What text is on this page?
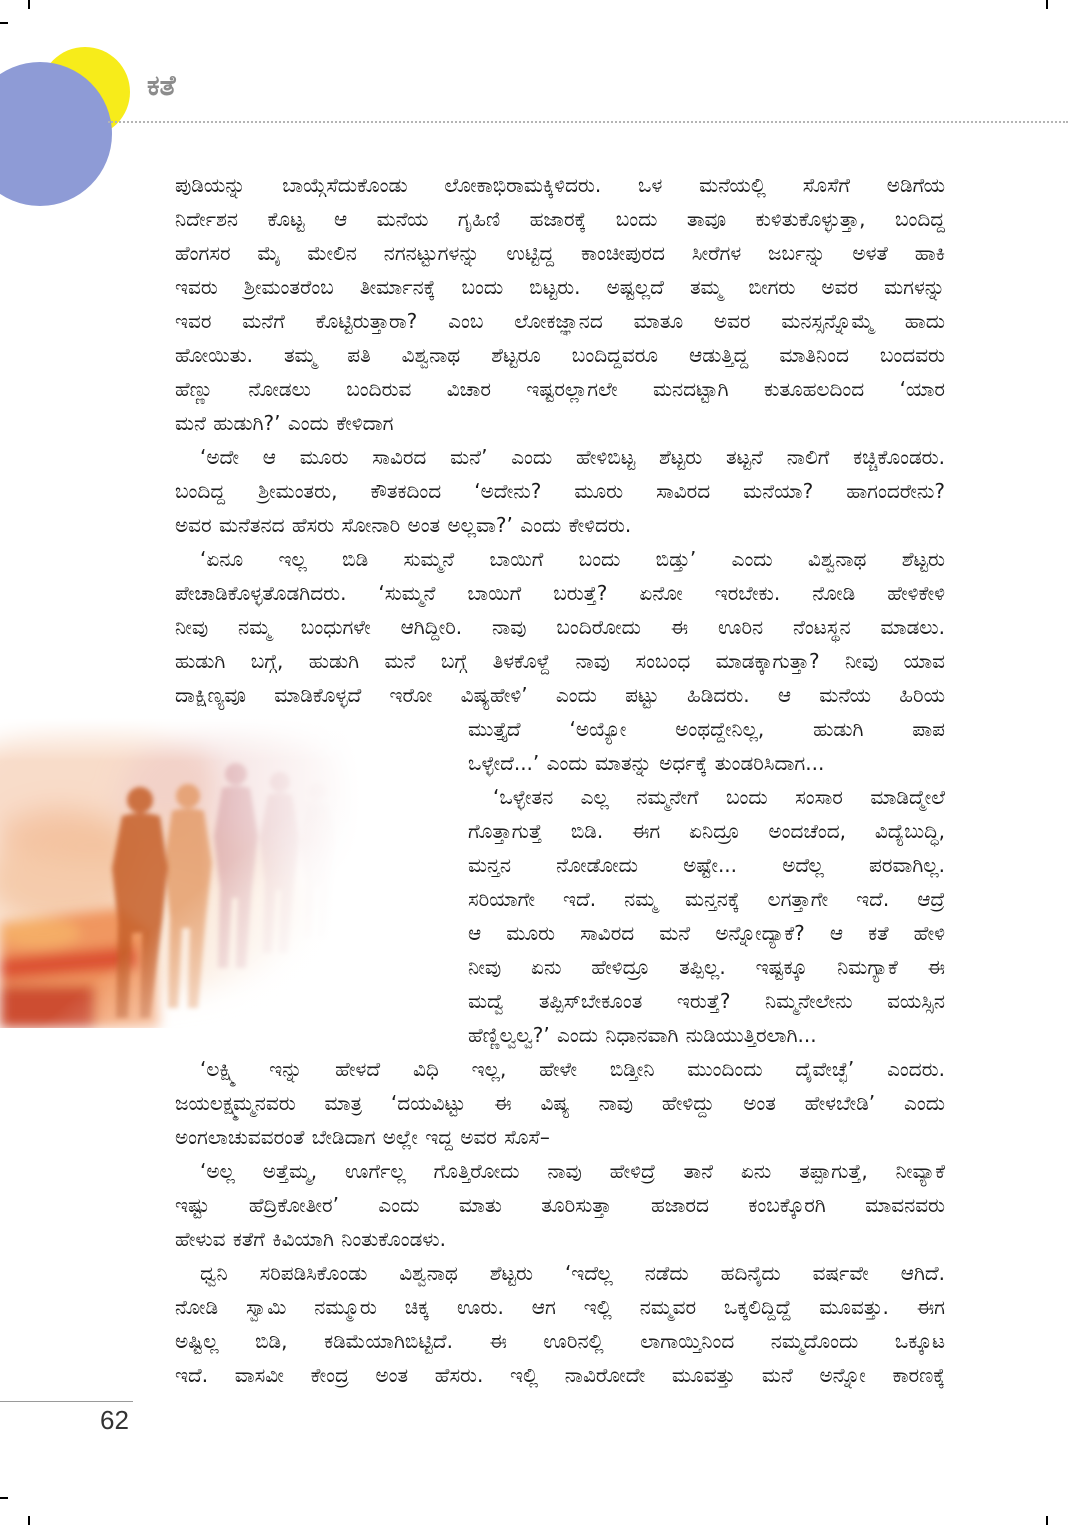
ಕತೆ
ಪುಡಿಯನ್ನು ಬಾಯ್ಗೆಸೆದುಕೊಂಡು ಲೋಕಾಭಿರಾಮಕ್ಕಿಳಿದರು. ಒಳ ಮನೆಯಲ್ಲಿ ಸೊಸೆಗೆ ಅಡಿಗೆಯ
ನಿರ್ದೇಶನ ಕೊಟ್ಟ ಆ ಮನೆಯ ಗೃಹಿಣಿ ಹಜಾರಕ್ಕೆ ಬಂದು ತಾವೂ ಕುಳಿತುಕೊಳ್ಳುತ್ತಾ, ಬಂದಿದ್ದ
ಹೆಂಗಸರ ಮೈ ಮೇಲಿನ ನಗನಟ್ಟುಗಳನ್ನು ಉಟ್ಟಿದ್ದ ಕಾಂಚೀಪುರದ ಸೀರೆಗಳ ಜರ್ಬನ್ನು ಅಳತೆ ಹಾಕಿ
ಇವರು ಶ್ರೀಮಂತರೆಂಬ ತೀರ್ಮಾನಕ್ಕೆ ಬಂದು ಬಿಟ್ಟರು. ಅಷ್ಟಲ್ಲದೆ ತಮ್ಮ ಬೀಗರು ಅವರ ಮಗಳನ್ನು
ಇವರ ಮನೆಗೆ ಕೊಟ್ಟಿರುತ್ತಾರಾ? ಎಂಬ ಲೋಕಜ್ಞಾನದ ಮಾತೂ ಅವರ ಮನಸ್ಸನ್ನೊಮ್ಮೆ ಹಾದು
ಹೋಯಿತು. ತಮ್ಮ ಪತಿ ವಿಶ್ವನಾಥ ಶೆಟ್ಟರೂ ಬಂದಿದ್ದವರೂ ಆಡುತ್ತಿದ್ದ ಮಾತಿನಿಂದ ಬಂದವರು
ಹೆಣ್ಣು ನೋಡಲು ಬಂದಿರುವ ವಿಚಾರ ಇಷ್ಟರಲ್ಲಾಗಲೇ ಮನದಟ್ಟಾಗಿ ಕುತೂಹಲದಿಂದ ‘ಯಾರ
ಮನೆ ಹುಡುಗಿ?’ ಎಂದು ಕೇಳಿದಾಗ
‘ಅದೇ ಆ ಮೂರು ಸಾವಿರದ ಮನೆ’ ಎಂದು ಹೇಳಿಬಿಟ್ಟ ಶೆಟ್ಟರು ತಟ್ಟನೆ ನಾಲಿಗೆ ಕಚ್ಚಿಕೊಂಡರು.
ಬಂದಿದ್ದ ಶ್ರೀಮಂತರು, ಕೌತಕದಿಂದ ‘ಅದೇನು? ಮೂರು ಸಾವಿರದ ಮನೆಯಾ? ಹಾಗಂದರೇನು?
ಅವರ ಮನೆತನದ ಹೆಸರು ಸೋನಾರಿ ಅಂತ ಅಲ್ಲವಾ?’ ಎಂದು ಕೇಳಿದರು.
‘ಏನೂ ಇಲ್ಲ ಬಿಡಿ ಸುಮ್ಮನೆ ಬಾಯಿಗೆ ಬಂದು ಬಿಡ್ತು’ ಎಂದು ವಿಶ್ವನಾಥ ಶೆಟ್ಟರು
ಪೇಚಾಡಿಕೊಳ್ಳತೊಡಗಿದರು. ‘ಸುಮ್ಮನೆ ಬಾಯಿಗೆ ಬರುತ್ತೆ? ಏನೋ ಇರಬೇಕು. ನೋಡಿ ಹೇಳಿಕೇಳಿ
ನೀವು ನಮ್ಮ ಬಂಧುಗಳೇ ಆಗಿದ್ದೀರಿ. ನಾವು ಬಂದಿರೋದು ಈ ಊರಿನ ನೆಂಟಸ್ಥನ ಮಾಡಲು.
ಹುಡುಗಿ ಬಗ್ಗೆ, ಹುಡುಗಿ ಮನೆ ಬಗ್ಗೆ ತಿಳಕೊಳ್ದೆ ನಾವು ಸಂಬಂಧ ಮಾಡಕ್ಕಾಗುತ್ತಾ? ನೀವು ಯಾವ
ದಾಕ್ಷಿಣ್ಯವೂ ಮಾಡಿಕೊಳ್ಳದೆ ಇರೋ ವಿಷ್ಯಹೇಳಿ’ ಎಂದು ಪಟ್ಟು ಹಿಡಿದರು. ಆ ಮನೆಯ ಹಿರಿಯ
ಮುತ್ತೈದೆ ‘ಅಯ್ಯೋ ಅಂಥದ್ದೇನಿಲ್ಲ, ಹುಡುಗಿ ಪಾಪ
ಒಳ್ಳೇದೆ...’ ಎಂದು ಮಾತನ್ನು ಅರ್ಧಕ್ಕೆ ತುಂಡರಿಸಿದಾಗ...
‘ಒಳ್ಳೇತನ ಎಲ್ಲ ನಮ್ಮನೇಗೆ ಬಂದು ಸಂಸಾರ ಮಾಡಿದ್ಮೇಲೆ
ಗೊತ್ತಾಗುತ್ತೆ ಬಿಡಿ. ಈಗ ಏನಿದ್ರೂ ಅಂದಚೆಂದ, ವಿದ್ಯೆಬುದ್ಧಿ,
ಮನ್ತನ ನೋಡೋದು ಅಷ್ಟೇ... ಅದೆಲ್ಲ ಪರವಾಗಿಲ್ಲ.
ಸರಿಯಾಗೇ ಇದೆ. ನಮ್ಮ ಮನ್ತನಕ್ಕೆ ಲಗತ್ತಾಗೇ ಇದೆ. ಆದ್ರೆ
ಆ ಮೂರು ಸಾವಿರದ ಮನೆ ಅನ್ನೋದ್ಯಾಕೆ? ಆ ಕತೆ ಹೇಳಿ
ನೀವು ಏನು ಹೇಳಿದ್ರೂ ತಪ್ಪಿಲ್ಲ. ಇಷ್ಟಕ್ಕೂ ನಿಮಗ್ಯಾಕೆ ಈ
ಮದ್ವೆ ತಪ್ಪಿಸ್‌ಬೇಕೂಂತ ಇರುತ್ತೆ? ನಿಮ್ಮನೇಲೇನು ವಯಸ್ಸಿನ
ಹೆಣ್ಣಿಲ್ವಲ್ವ?’ ಎಂದು ನಿಧಾನವಾಗಿ ನುಡಿಯುತ್ತಿರಲಾಗಿ...
‘ಲಕ್ಷ್ಮಿ ಇನ್ನು ಹೇಳದೆ ವಿಧಿ ಇಲ್ಲ, ಹೇಳೇ ಬಿಡ್ತೀನಿ ಮುಂದಿಂದು ದೈವೇಚ್ಛೆ’ ಎಂದರು.
ಜಯಲಕ್ಷ್ಮಮ್ಮನವರು ಮಾತ್ರ ‘ದಯವಿಟ್ಟು ಈ ವಿಷ್ಯ ನಾವು ಹೇಳಿದ್ದು ಅಂತ ಹೇಳಬೇಡಿ’ ಎಂದು
ಅಂಗಲಾಚುವವರಂತೆ ಬೇಡಿದಾಗ ಅಲ್ಲೇ ಇದ್ದ ಅವರ ಸೊಸೆ–
‘ಅಲ್ಲ ಅತ್ತೆಮ್ಮ, ಊರ್ಗೆಲ್ಲ ಗೊತ್ತಿರೋದು ನಾವು ಹೇಳಿದ್ರೆ ತಾನೆ ಏನು ತಪ್ಪಾಗುತ್ತೆ, ನೀವ್ಯಾಕೆ
ಇಷ್ಟು ಹೆದ್ರಿಕೋತೀರ’ ಎಂದು ಮಾತು ತೂರಿಸುತ್ತಾ ಹಜಾರದ ಕಂಬಕ್ಕೊರಗಿ ಮಾವನವರು
ಹೇಳುವ ಕತೆಗೆ ಕಿವಿಯಾಗಿ ನಿಂತುಕೊಂಡಳು.
ಧ್ವನಿ ಸರಿಪಡಿಸಿಕೊಂಡು ವಿಶ್ವನಾಥ ಶೆಟ್ಟರು ‘ಇದೆಲ್ಲ ನಡೆದು ಹದಿನೈದು ವರ್ಷವೇ ಆಗಿದೆ.
ನೋಡಿ ಸ್ವಾಮಿ ನಮ್ಮೂರು ಚಿಕ್ಕ ಊರು. ಆಗ ಇಲ್ಲಿ ನಮ್ಮವರ ಒಕ್ಕಲಿದ್ದಿದ್ದೆ ಮೂವತ್ತು. ಈಗ
ಅಷ್ಟಿಲ್ಲ ಬಿಡಿ, ಕಡಿಮೆಯಾಗಿಬಿಟ್ಟಿದೆ. ಈ ಊರಿನಲ್ಲಿ ಲಾಗಾಯ್ತಿನಿಂದ ನಮ್ಮದೊಂದು ಒಕ್ಕೂಟ
ಇದೆ. ವಾಸವೀ ಕೇಂದ್ರ ಅಂತ ಹೆಸರು. ಇಲ್ಲಿ ನಾವಿರೋದೇ ಮೂವತ್ತು ಮನೆ ಅನ್ನೋ ಕಾರಣಕ್ಕೆ
62
